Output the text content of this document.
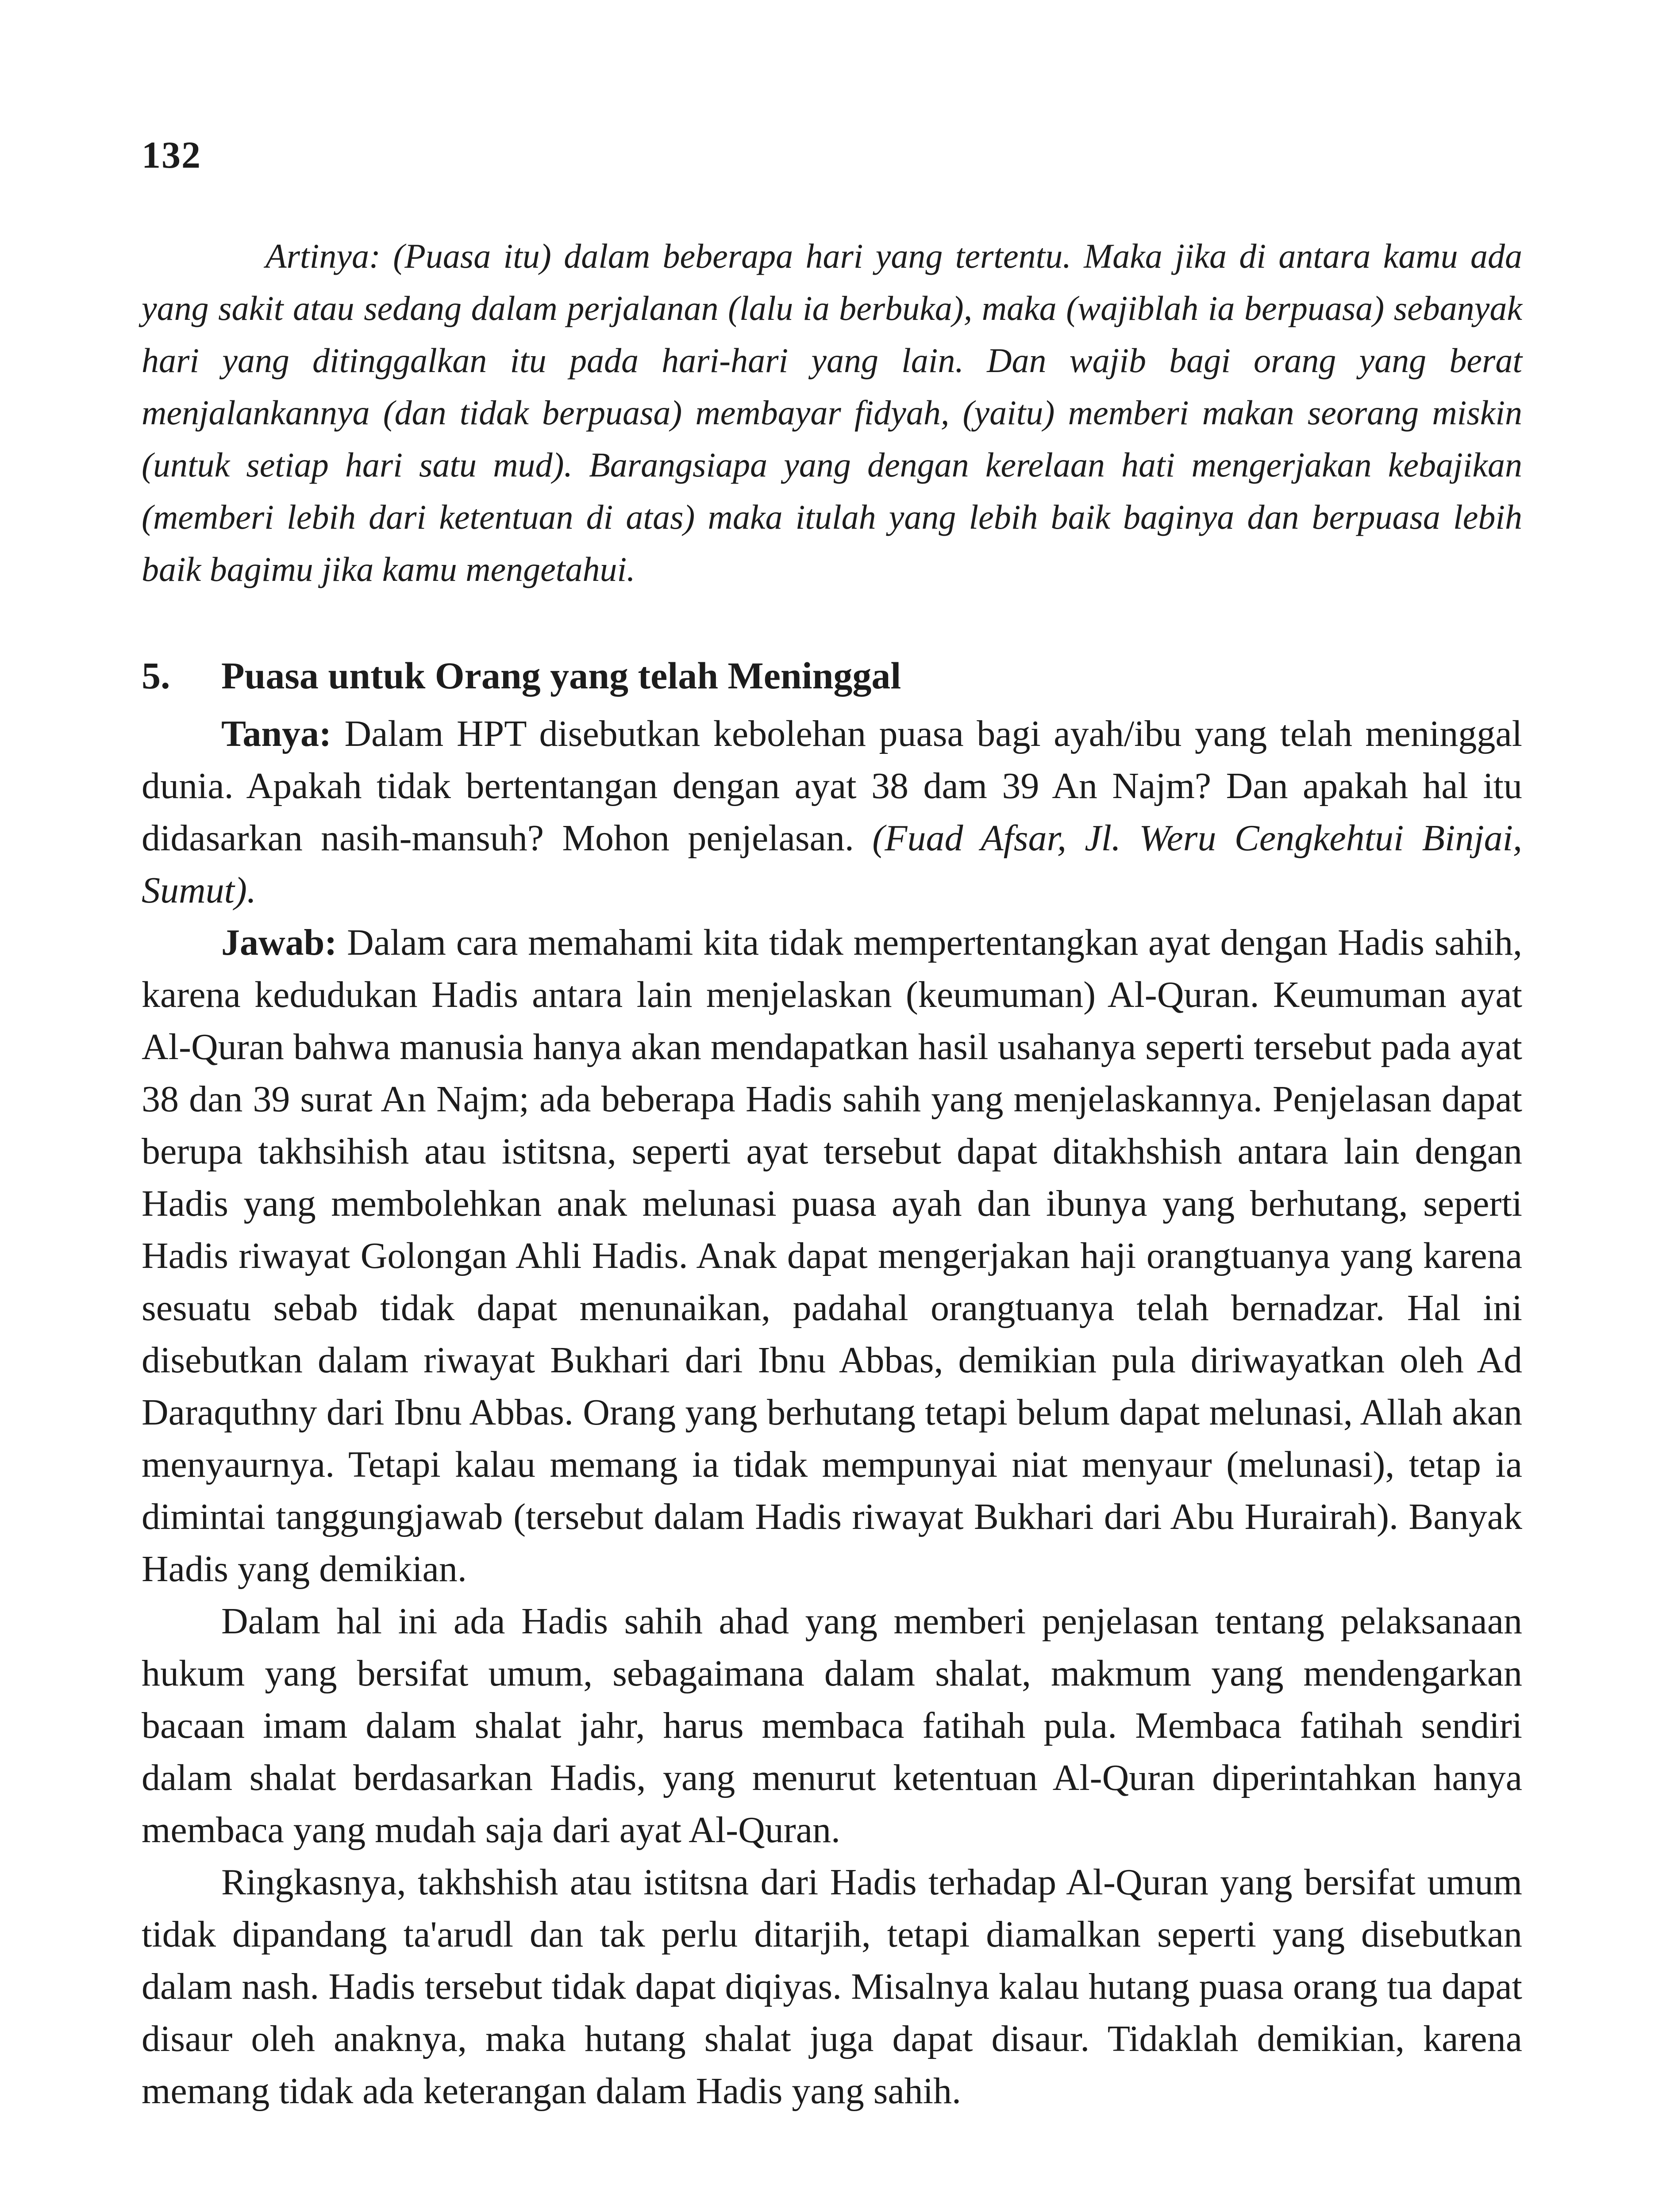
132

Artinya: (Puasa itu) dalam beberapa hari yang tertentu. Maka jika di antara kamu ada yang sakit atau sedang dalam perjalanan (lalu ia berbuka), maka (wajiblah ia berpuasa) sebanyak hari yang ditinggalkan itu pada hari-hari yang lain. Dan wajib bagi orang yang berat menjalankannya (dan tidak berpuasa) membayar fidyah, (yaitu) memberi makan seorang miskin (untuk setiap hari satu mud). Barangsiapa yang dengan kerelaan hati mengerjakan kebajikan (memberi lebih dari ketentuan di atas) maka itulah yang lebih baik baginya dan berpuasa lebih baik bagimu jika kamu mengetahui.

5.	Puasa untuk Orang yang telah Meninggal

Tanya: Dalam HPT disebutkan kebolehan puasa bagi ayah/ibu yang telah meninggal dunia. Apakah tidak bertentangan dengan ayat 38 dam 39 An Najm? Dan apakah hal itu didasarkan nasih-mansuh? Mohon penjelasan. (Fuad Afsar, Jl. Weru Cengkehtui Binjai, Sumut).

Jawab: Dalam cara memahami kita tidak mempertentangkan ayat dengan Hadis sahih, karena kedudukan Hadis antara lain menjelaskan (keumuman) Al-Quran. Keumuman ayat Al-Quran bahwa manusia hanya akan mendapatkan hasil usahanya seperti tersebut pada ayat 38 dan 39 surat An Najm; ada beberapa Hadis sahih yang menjelaskannya. Penjelasan dapat berupa takhsihish atau istitsna, seperti ayat tersebut dapat ditakhshish antara lain dengan Hadis yang membolehkan anak melunasi puasa ayah dan ibunya yang berhutang, seperti Hadis riwayat Golongan Ahli Hadis. Anak dapat mengerjakan haji orangtuanya yang karena sesuatu sebab tidak dapat menunaikan, padahal orangtuanya telah bernadzar. Hal ini disebutkan dalam riwayat Bukhari dari Ibnu Abbas, demikian pula diriwayatkan oleh Ad Daraquthny dari Ibnu Abbas. Orang yang berhutang tetapi belum dapat melunasi, Allah akan menyaurnya. Tetapi kalau memang ia tidak mempunyai niat menyaur (melunasi), tetap ia dimintai tanggungjawab (tersebut dalam Hadis riwayat Bukhari dari Abu Hurairah). Banyak Hadis yang demikian.

Dalam hal ini ada Hadis sahih ahad yang memberi penjelasan tentang pelaksanaan hukum yang bersifat umum, sebagaimana dalam shalat, makmum yang mendengarkan bacaan imam dalam shalat jahr, harus membaca fatihah pula. Membaca fatihah sendiri dalam shalat berdasarkan Hadis, yang menurut ketentuan Al-Quran diperintahkan hanya membaca yang mudah saja dari ayat Al-Quran.

Ringkasnya, takhshish atau istitsna dari Hadis terhadap Al-Quran yang bersifat umum tidak dipandang ta'arudl dan tak perlu ditarjih, tetapi diamalkan seperti yang disebutkan dalam nash. Hadis tersebut tidak dapat diqiyas. Misalnya kalau hutang puasa orang tua dapat disaur oleh anaknya, maka hutang shalat juga dapat disaur. Tidaklah demikian, karena memang tidak ada keterangan dalam Hadis yang sahih.
